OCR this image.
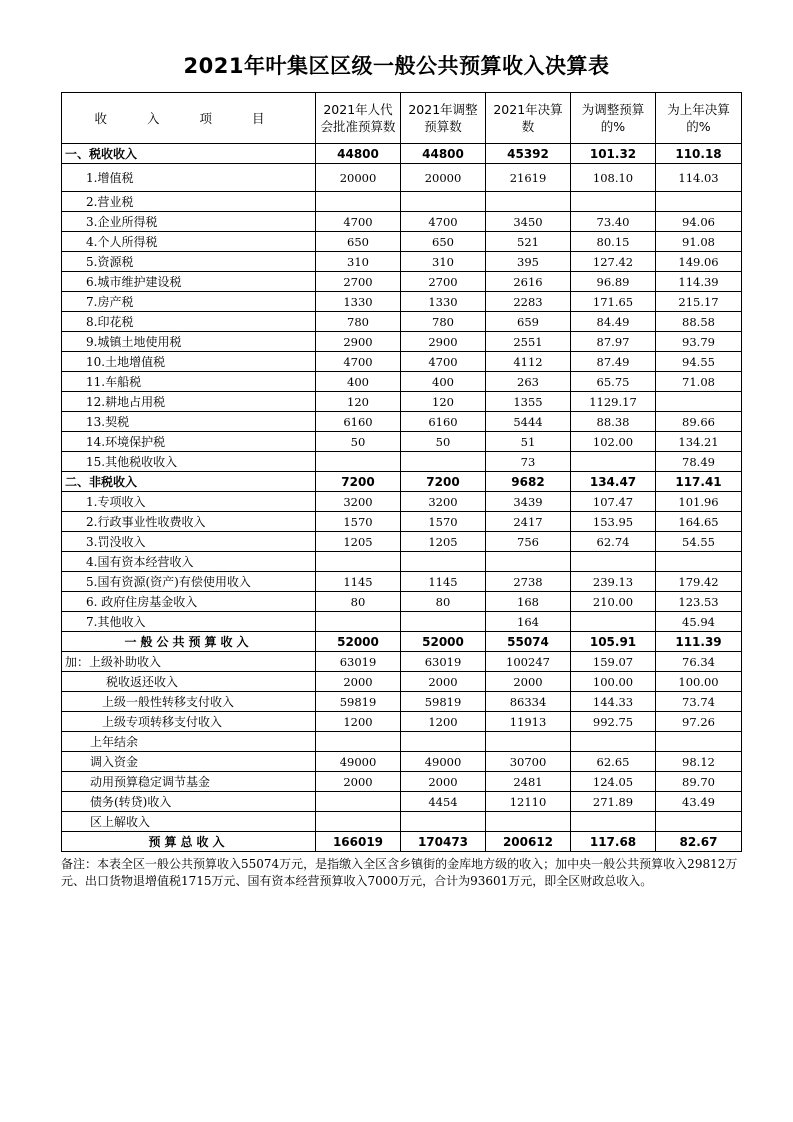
2021年叶集区区级一般公共预算收入决算表
收 入 项 目	2021年人代会批准预算数	2021年调整预算数	2021年决算数	为调整预算的%	为上年决算的%
一、税收收入	44800	44800	45392	101.32	110.18
1.增值税	20000	20000	21619	108.10	114.03
2.营业税					
3.企业所得税	4700	4700	3450	73.40	94.06
4.个人所得税	650	650	521	80.15	91.08
5.资源税	310	310	395	127.42	149.06
6.城市维护建设税	2700	2700	2616	96.89	114.39
7.房产税	1330	1330	2283	171.65	215.17
8.印花税	780	780	659	84.49	88.58
9.城镇土地使用税	2900	2900	2551	87.97	93.79
10.土地增值税	4700	4700	4112	87.49	94.55
11.车船税	400	400	263	65.75	71.08
12.耕地占用税	120	120	1355	1129.17	
13.契税	6160	6160	5444	88.38	89.66
14.环境保护税	50	50	51	102.00	134.21
15.其他税收收入			73		78.49
二、非税收入	7200	7200	9682	134.47	117.41
1.专项收入	3200	3200	3439	107.47	101.96
2.行政事业性收费收入	1570	1570	2417	153.95	164.65
3.罚没收入	1205	1205	756	62.74	54.55
4.国有资本经营收入					
5.国有资源(资产)有偿使用收入	1145	1145	2738	239.13	179.42
6. 政府住房基金收入	80	80	168	210.00	123.53
7.其他收入			164		45.94
一般公共预算收入	52000	52000	55074	105.91	111.39
加：上级补助收入	63019	63019	100247	159.07	76.34
税收返还收入	2000	2000	2000	100.00	100.00
上级一般性转移支付收入	59819	59819	86334	144.33	73.74
上级专项转移支付收入	1200	1200	11913	992.75	97.26
上年结余					
调入资金	49000	49000	30700	62.65	98.12
动用预算稳定调节基金	2000	2000	2481	124.05	89.70
债务(转贷)收入		4454	12110	271.89	43.49
区上解收入					
预算总收入	166019	170473	200612	117.68	82.67
备注：本表全区一般公共预算收入55074万元，是指缴入全区含乡镇街的金库地方级的收入；加中央一般公共预算收入29812万元、出口货物退增值税1715万元、国有资本经营预算收入7000万元，合计为93601万元，即全区财政总收入。
